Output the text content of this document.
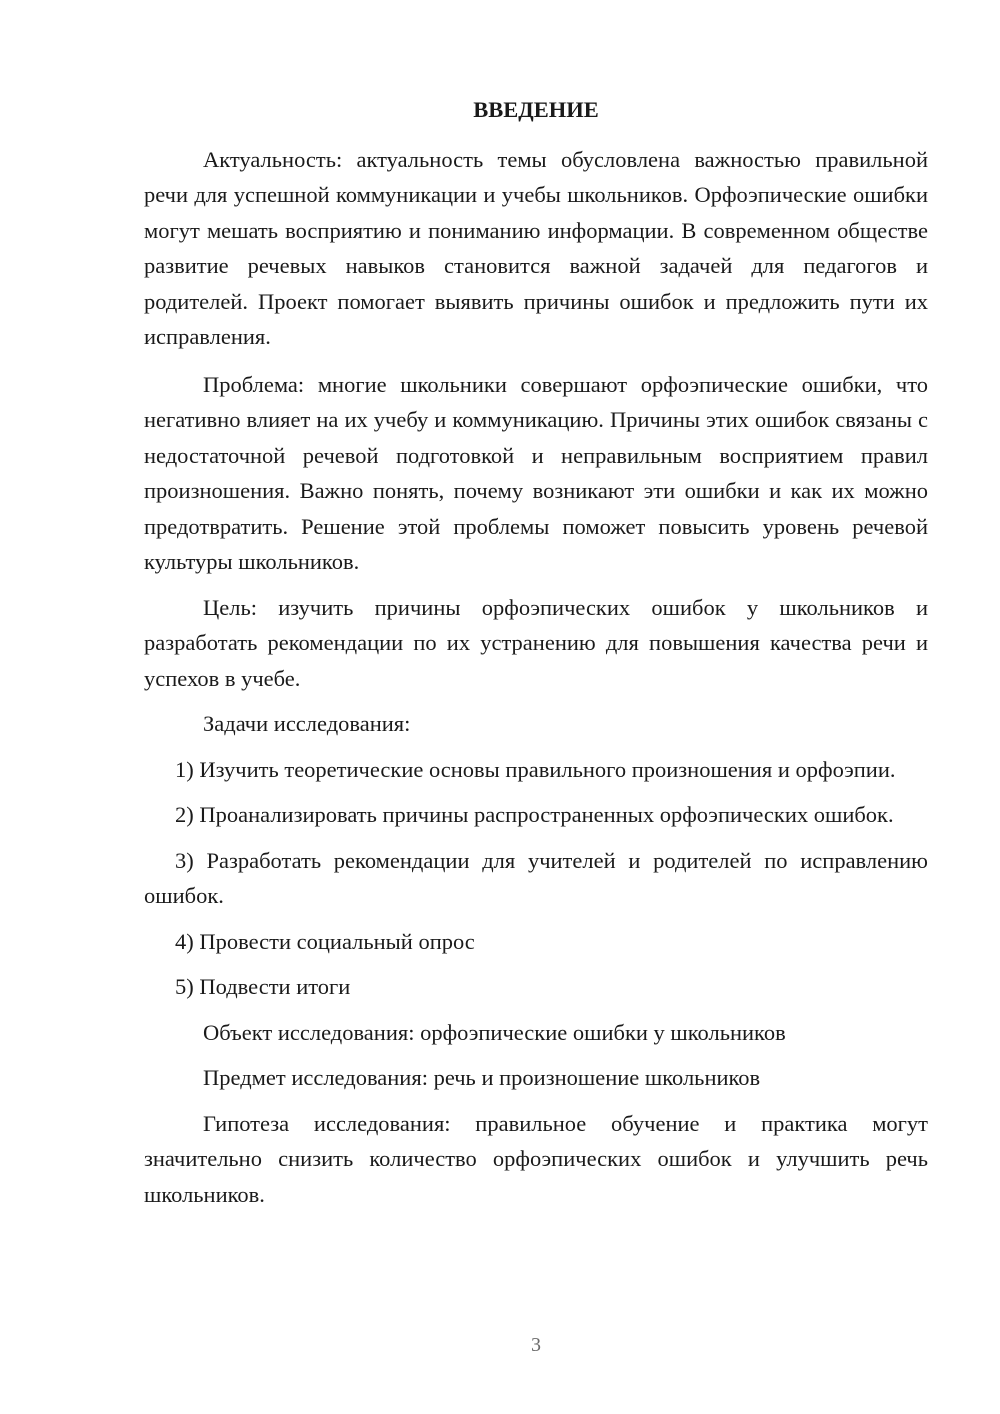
ВВЕДЕНИЕ

Актуальность: актуальность темы обусловлена важностью правильной речи для успешной коммуникации и учебы школьников. Орфоэпические ошибки могут мешать восприятию и пониманию информации. В современном обществе развитие речевых навыков становится важной задачей для педагогов и родителей. Проект помогает выявить причины ошибок и предложить пути их исправления.

Проблема: многие школьники совершают орфоэпические ошибки, что негативно влияет на их учебу и коммуникацию. Причины этих ошибок связаны с недостаточной речевой подготовкой и неправильным восприятием правил произношения. Важно понять, почему возникают эти ошибки и как их можно предотвратить. Решение этой проблемы поможет повысить уровень речевой культуры школьников.

Цель: изучить причины орфоэпических ошибок у школьников и разработать рекомендации по их устранению для повышения качества речи и успехов в учебе.

Задачи исследования:

1) Изучить теоретические основы правильного произношения и орфоэпии.

2) Проанализировать причины распространенных орфоэпических ошибок.

3) Разработать рекомендации для учителей и родителей по исправлению ошибок.

4) Провести социальный опрос

5) Подвести итоги

Объект исследования: орфоэпические ошибки у школьников

Предмет исследования: речь и произношение школьников

Гипотеза исследования: правильное обучение и практика могут значительно снизить количество орфоэпических ошибок и улучшить речь школьников.

3
